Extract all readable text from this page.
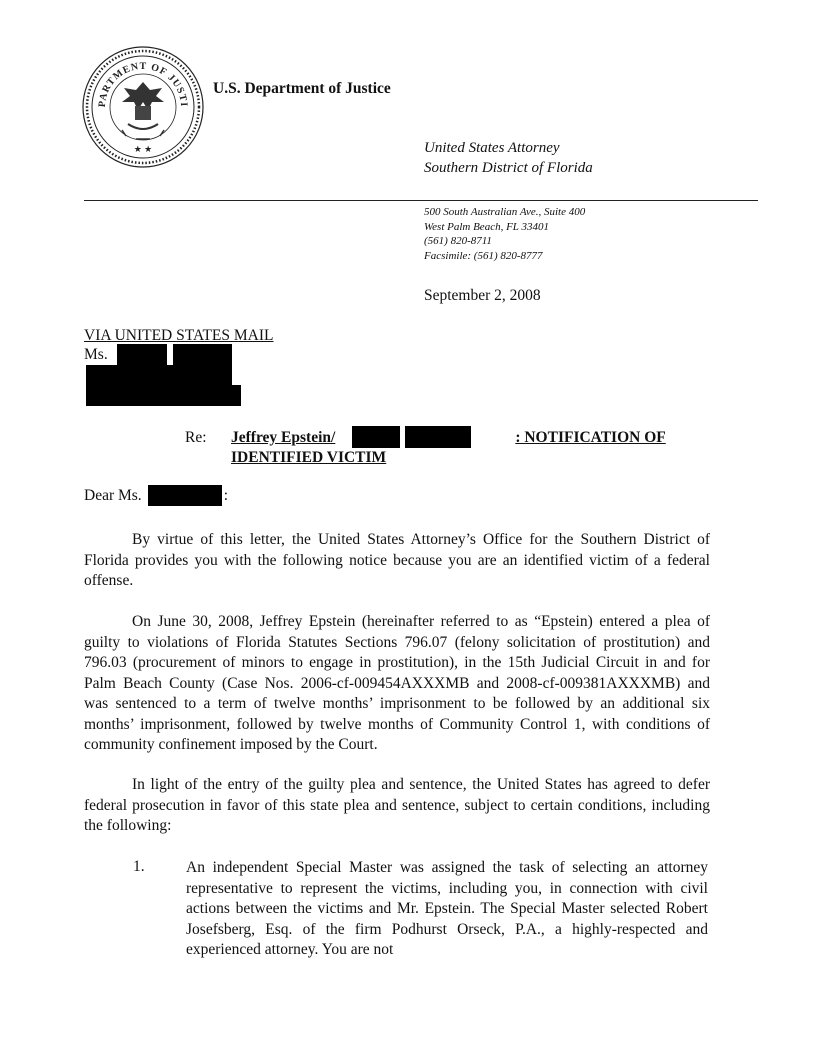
PARTMENT OF JUSTI
★ ★
U.S. Department of Justice
United States Attorney
Southern District of Florida
500 South Australian Ave., Suite 400
West Palm Beach, FL 33401
(561) 820-8711
Facsimile: (561) 820-8777
September 2, 2008
VIA UNITED STATES MAIL
Ms.
Re: Jeffrey Epstein/	: NOTIFICATION OF
IDENTIFIED VICTIM
Dear Ms.	:
By virtue of this letter, the United States Attorney’s Office for the Southern District of Florida provides you with the following notice because you are an identified victim of a federal offense.
On June 30, 2008, Jeffrey Epstein (hereinafter referred to as “Epstein) entered a plea of guilty to violations of Florida Statutes Sections 796.07 (felony solicitation of prostitution) and 796.03 (procurement of minors to engage in prostitution), in the 15th Judicial Circuit in and for Palm Beach County (Case Nos. 2006-cf-009454AXXXMB and 2008-cf-009381AXXXMB) and was sentenced to a term of twelve months’ imprisonment to be followed by an additional six months’ imprisonment, followed by twelve months of Community Control 1, with conditions of community confinement imposed by the Court.
In light of the entry of the guilty plea and sentence, the United States has agreed to defer federal prosecution in favor of this state plea and sentence, subject to certain conditions, including the following:
1.	An independent Special Master was assigned the task of selecting an attorney representative to represent the victims, including you, in connection with civil actions between the victims and Mr. Epstein. The Special Master selected Robert Josefsberg, Esq. of the firm Podhurst Orseck, P.A., a highly-respected and experienced attorney. You are not
